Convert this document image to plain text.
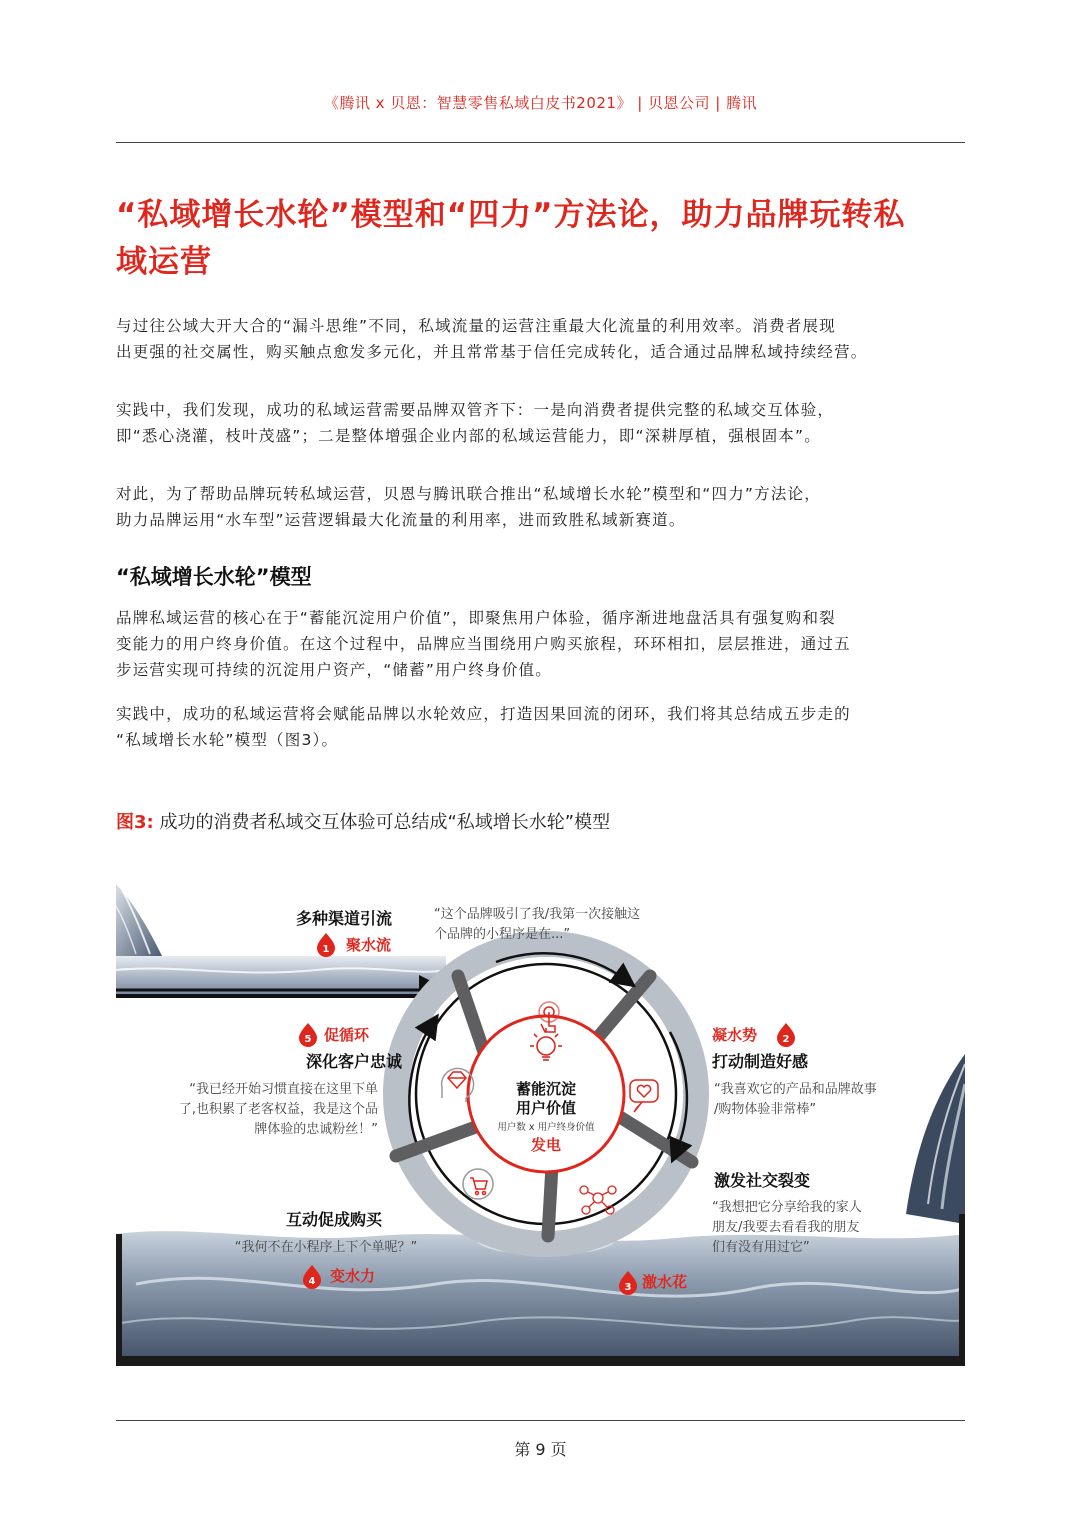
《腾讯 x 贝恩：智慧零售私域白皮书2021》 | 贝恩公司 | 腾讯
“私域增长水轮”模型和“四力”方法论，助力品牌玩转私
域运营
与过往公域大开大合的“漏斗思维”不同，私域流量的运营注重最大化流量的利用效率。消费者展现
出更强的社交属性，购买触点愈发多元化，并且常常基于信任完成转化，适合通过品牌私域持续经营。
实践中，我们发现，成功的私域运营需要品牌双管齐下：一是向消费者提供完整的私域交互体验，
即“悉心浇灌，枝叶茂盛”；二是整体增强企业内部的私域运营能力，即“深耕厚植，强根固本”。
对此，为了帮助品牌玩转私域运营，贝恩与腾讯联合推出“私域增长水轮”模型和“四力”方法论，
助力品牌运用“水车型”运营逻辑最大化流量的利用率，进而致胜私域新赛道。
“私域增长水轮”模型
品牌私域运营的核心在于“蓄能沉淀用户价值”，即聚焦用户体验，循序渐进地盘活具有强复购和裂
变能力的用户终身价值。在这个过程中，品牌应当围绕用户购买旅程，环环相扣，层层推进，通过五
步运营实现可持续的沉淀用户资产，“储蓄”用户终身价值。
实践中，成功的私域运营将会赋能品牌以水轮效应，打造因果回流的闭环，我们将其总结成五步走的
“私域增长水轮”模型（图3）。
图3: 成功的消费者私域交互体验可总结成“私域增长水轮”模型
蓄能沉淀
用户价值
用户数 x 用户终身价值
发电
多种渠道引流
1 聚水流
“这个品牌吸引了我/我第一次接触这
个品牌的小程序是在...”
凝水势	2
打动制造好感
“我喜欢它的产品和品牌故事
/购物体验非常棒”
激发社交裂变
“我想把它分享给我的家人
朋友/我要去看看我的朋友
们有没有用过它”
3 激水花
互动促成购买
“我何不在小程序上下个单呢？”
4 变水力
5 促循环
深化客户忠诚
“我已经开始习惯直接在这里下单
了,也积累了老客权益，我是这个品
牌体验的忠诚粉丝！”
第 9 页
